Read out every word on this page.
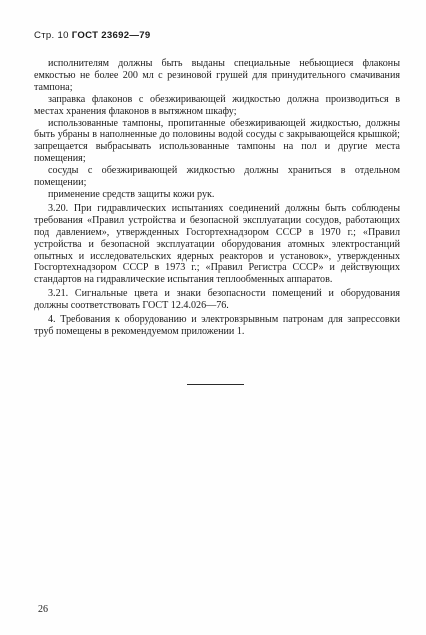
Стр. 10 ГОСТ 23692—79

исполнителям должны быть выданы специальные небьющиеся флаконы емкостью не более 200 мл с резиновой грушей для принудительного смачивания тампона;

заправка флаконов с обезжиривающей жидкостью должна производиться в местах хранения флаконов в вытяжном шкафу;

использованные тампоны, пропитанные обезжиривающей жидкостью, должны быть убраны в наполненные до половины водой сосуды с закрывающейся крышкой; запрещается выбрасывать использованные тампоны на пол и другие места помещения;

сосуды с обезжиривающей жидкостью должны храниться в отдельном помещении;

применение средств защиты кожи рук.

3.20. При гидравлических испытаниях соединений должны быть соблюдены требования «Правил устройства и безопасной эксплуатации сосудов, работающих под давлением», утвержденных Госгортехнадзором СССР в 1970 г.; «Правил устройства и безопасной эксплуатации оборудования атомных электростанций опытных и исследовательских ядерных реакторов и установок», утвержденных Госгортехнадзором СССР в 1973 г.; «Правил Регистра СССР» и действующих стандартов на гидравлические испытания теплообменных аппаратов.

3.21. Сигнальные цвета и знаки безопасности помещений и оборудования должны соответствовать ГОСТ 12.4.026—76.

4. Требования к оборудованию и электровзрывным патронам для запрессовки труб помещены в рекомендуемом приложении 1.

26
